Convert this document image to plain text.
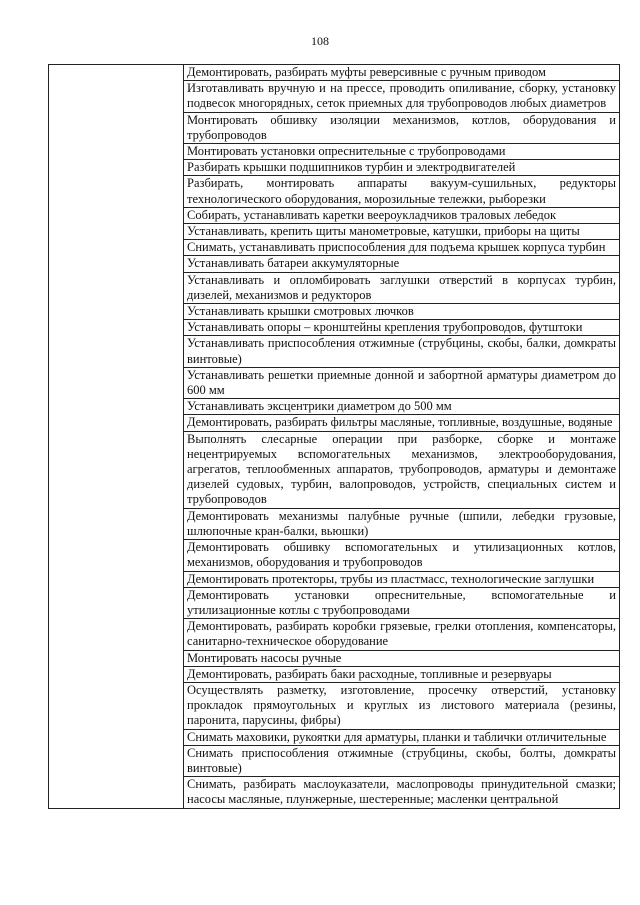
108
	Демонтировать, разбирать муфты реверсивные с ручным приводом
Изготавливать вручную и на прессе, проводить опиливание, сборку, установку подвесок многорядных, сеток приемных для трубопроводов любых диаметров
Монтировать обшивку изоляции механизмов, котлов, оборудования и трубопроводов
Монтировать установки опреснительные с трубопроводами
Разбирать крышки подшипников турбин и электродвигателей
Разбирать, монтировать аппараты вакуум-сушильных, редукторы технологического оборудования, морозильные тележки, рыборезки
Собирать, устанавливать каретки веероукладчиков траловых лебедок
Устанавливать, крепить щиты манометровые, катушки, приборы на щиты
Снимать, устанавливать приспособления для подъема крышек корпуса турбин
Устанавливать батареи аккумуляторные
Устанавливать и опломбировать заглушки отверстий в корпусах турбин, дизелей, механизмов и редукторов
Устанавливать крышки смотровых лючков
Устанавливать опоры – кронштейны крепления трубопроводов, футштоки
Устанавливать приспособления отжимные (струбцины, скобы, балки, домкраты винтовые)
Устанавливать решетки приемные донной и забортной арматуры диаметром до 600 мм
Устанавливать эксцентрики диаметром до 500 мм
Демонтировать, разбирать фильтры масляные, топливные, воздушные, водяные
Выполнять слесарные операции при разборке, сборке и монтаже нецентрируемых вспомогательных механизмов, электрооборудования, агрегатов, теплообменных аппаратов, трубопроводов, арматуры и демонтаже дизелей судовых, турбин, валопроводов, устройств, специальных систем и трубопроводов
Демонтировать механизмы палубные ручные (шпили, лебедки грузовые, шлюпочные кран-балки, вьюшки)
Демонтировать обшивку вспомогательных и утилизационных котлов, механизмов, оборудования и трубопроводов
Демонтировать протекторы, трубы из пластмасс, технологические заглушки
Демонтировать установки опреснительные, вспомогательные и утилизационные котлы с трубопроводами
Демонтировать, разбирать коробки грязевые, грелки отопления, компенсаторы, санитарно-техническое оборудование
Монтировать насосы ручные
Демонтировать, разбирать баки расходные, топливные и резервуары
Осуществлять разметку, изготовление, просечку отверстий, установку прокладок прямоугольных и круглых из листового материала (резины, паронита, парусины, фибры)
Снимать маховики, рукоятки для арматуры, планки и таблички отличительные
Снимать приспособления отжимные (струбцины, скобы, болты, домкраты винтовые)
Снимать, разбирать маслоуказатели, маслопроводы принудительной смазки; насосы масляные, плунжерные, шестеренные; масленки центральной
